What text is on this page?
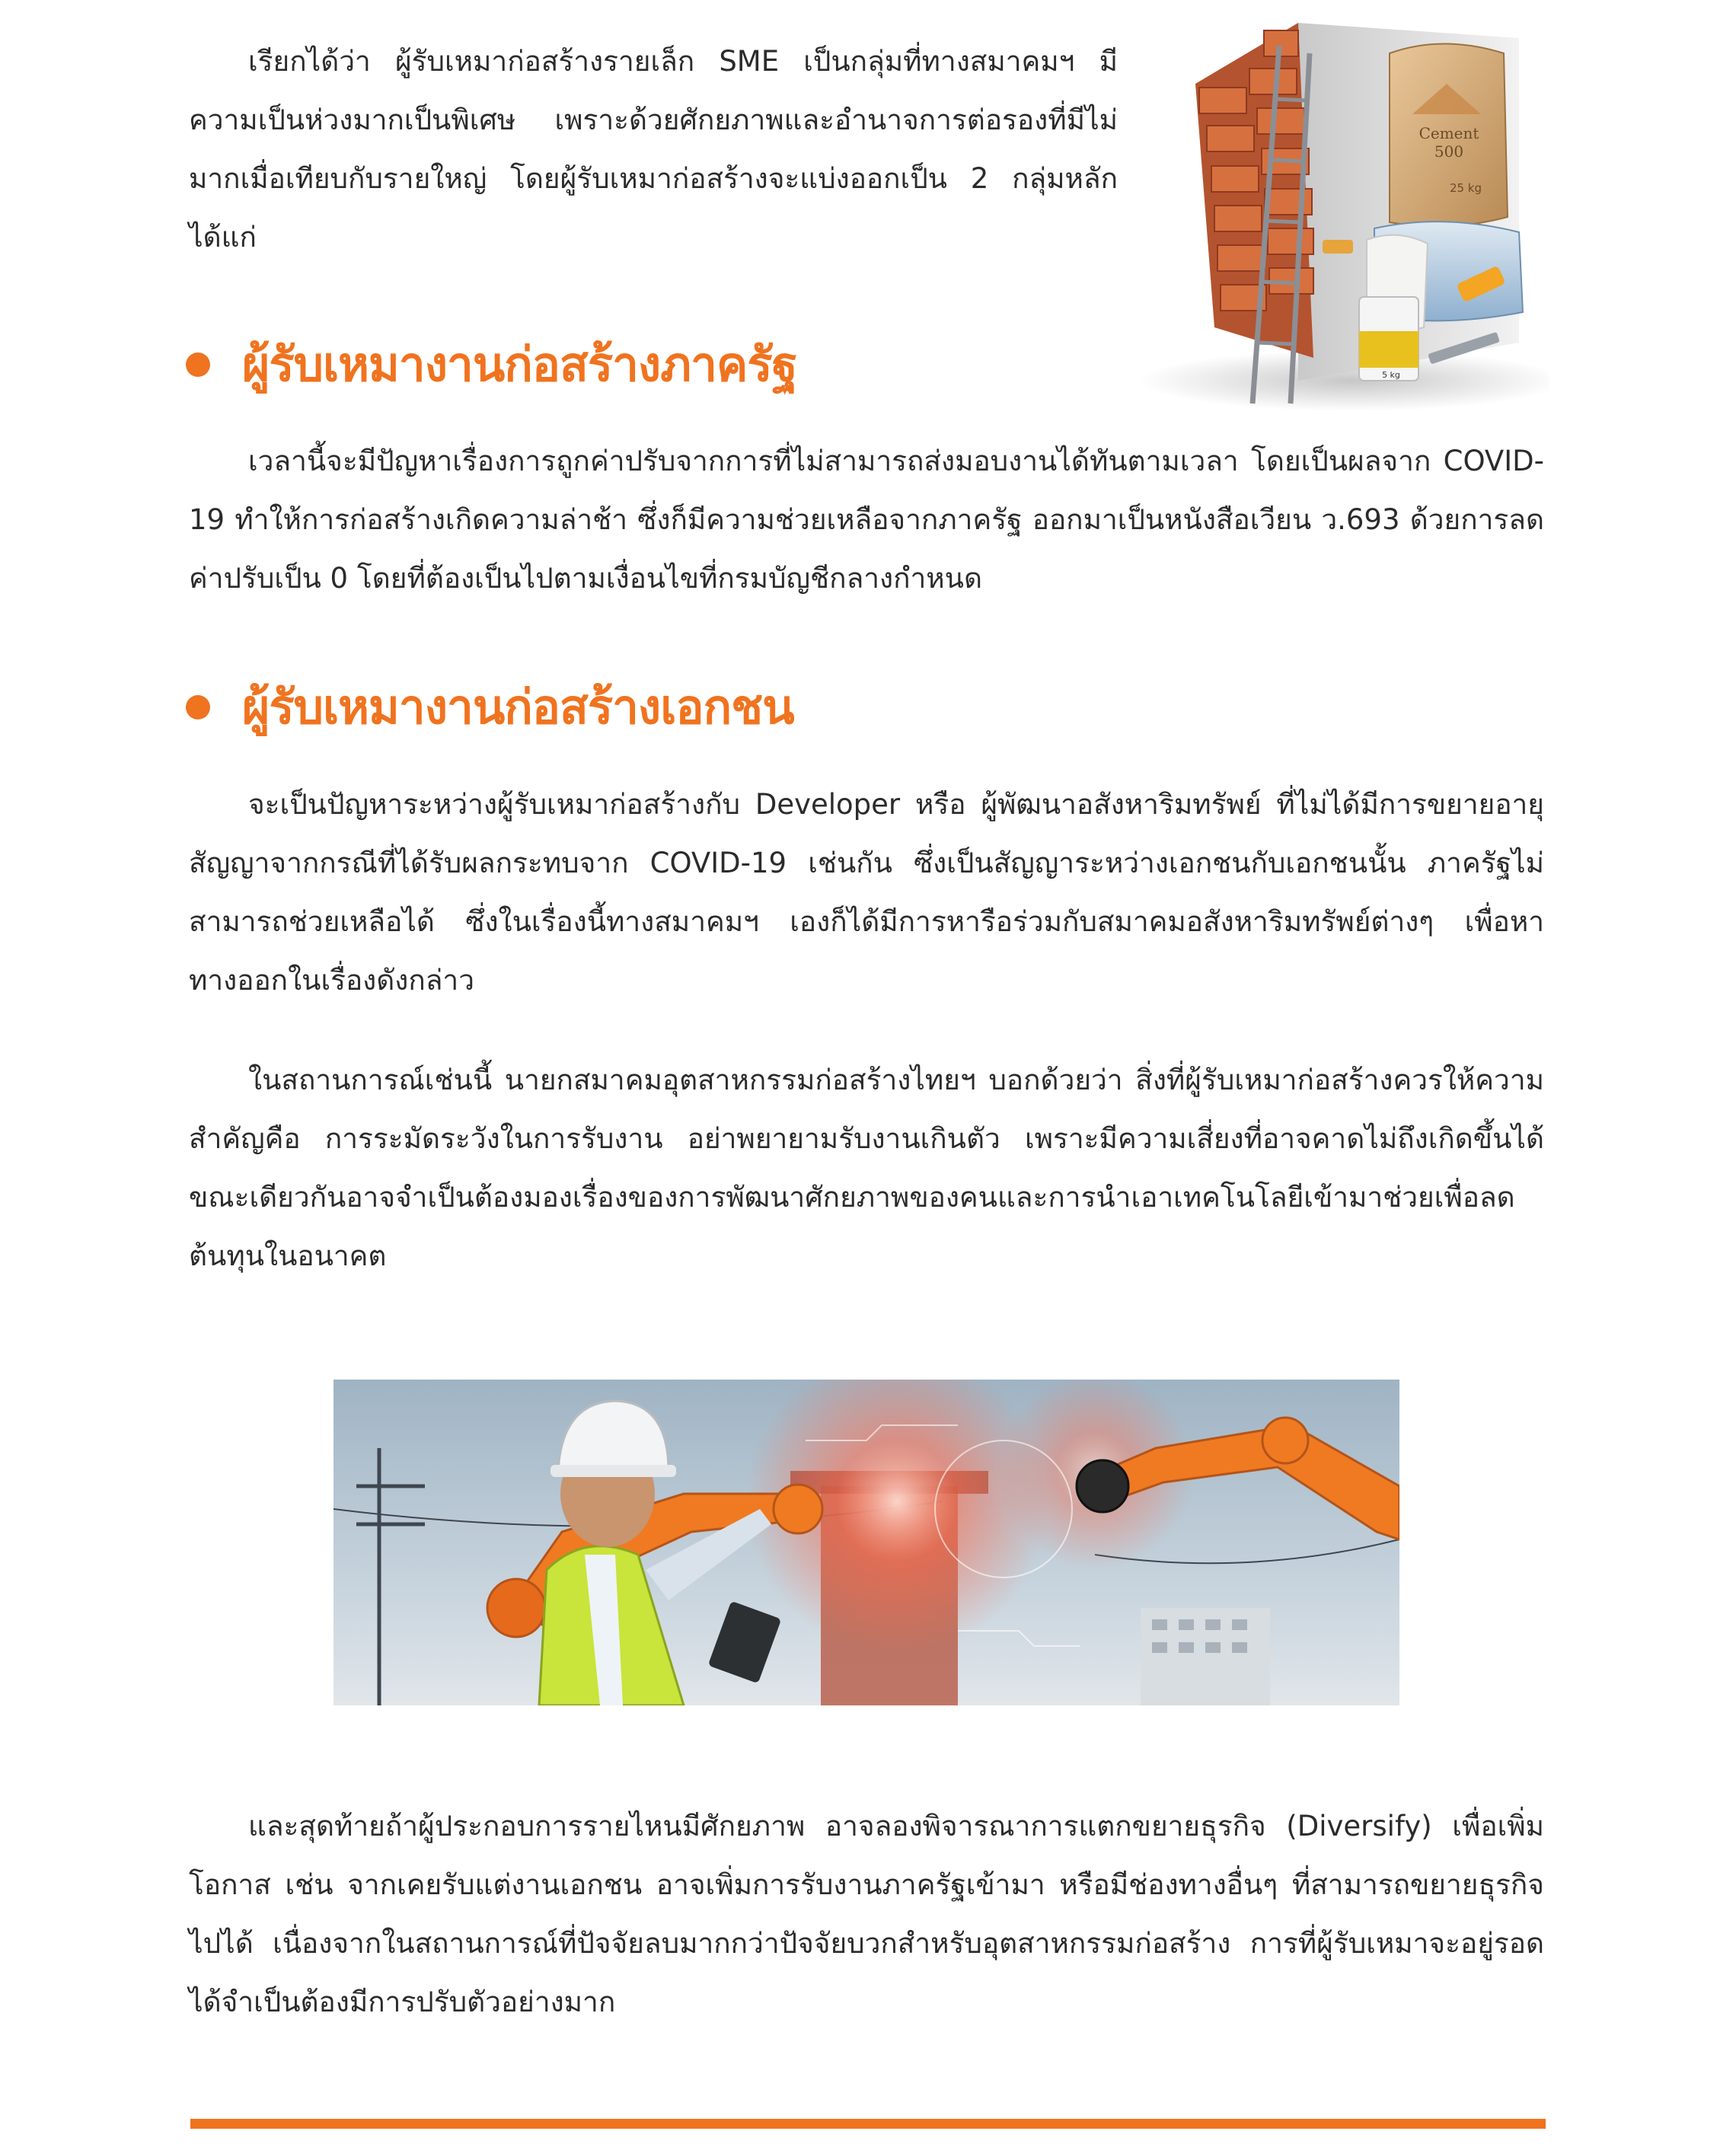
เรียกได้ว่า ผู้รับเหมาก่อสร้างรายเล็ก SME เป็นกลุ่มที่ทางสมาคมฯ มีความเป็นห่วงมากเป็นพิเศษ เพราะด้วยศักยภาพและอำนาจการต่อรองที่มีไม่มากเมื่อเทียบกับรายใหญ่ โดยผู้รับเหมาก่อสร้างจะแบ่งออกเป็น 2 กลุ่มหลัก ได้แก่

Cement
500
25 kg
5 kg
ผู้รับเหมางานก่อสร้างภาครัฐ

เวลานี้จะมีปัญหาเรื่องการถูกค่าปรับจากการที่ไม่สามารถส่งมอบงานได้ทันตามเวลา โดยเป็นผลจาก COVID-19 ทำให้การก่อสร้างเกิดความล่าช้า ซึ่งก็มีความช่วยเหลือจากภาครัฐ ออกมาเป็นหนังสือเวียน ว.693 ด้วยการลดค่าปรับเป็น 0 โดยที่ต้องเป็นไปตามเงื่อนไขที่กรมบัญชีกลางกำหนด

ผู้รับเหมางานก่อสร้างเอกชน

จะเป็นปัญหาระหว่างผู้รับเหมาก่อสร้างกับ Developer หรือ ผู้พัฒนาอสังหาริมทรัพย์ ที่ไม่ได้มีการขยายอายุสัญญาจากกรณีที่ได้รับผลกระทบจาก COVID-19 เช่นกัน ซึ่งเป็นสัญญาระหว่างเอกชนกับเอกชนนั้น ภาครัฐไม่สามารถช่วยเหลือได้ ซึ่งในเรื่องนี้ทางสมาคมฯ เองก็ได้มีการหารือร่วมกับสมาคมอสังหาริมทรัพย์ต่างๆ เพื่อหาทางออกในเรื่องดังกล่าว

ในสถานการณ์เช่นนี้ นายกสมาคมอุตสาหกรรมก่อสร้างไทยฯ บอกด้วยว่า สิ่งที่ผู้รับเหมาก่อสร้างควรให้ความสำคัญคือ การระมัดระวังในการรับงาน อย่าพยายามรับงานเกินตัว เพราะมีความเสี่ยงที่อาจคาดไม่ถึงเกิดขึ้นได้ ขณะเดียวกันอาจจำเป็นต้องมองเรื่องของการพัฒนาศักยภาพของคนและการนำเอาเทคโนโลยีเข้ามาช่วยเพื่อลดต้นทุนในอนาคต

และสุดท้ายถ้าผู้ประกอบการรายไหนมีศักยภาพ อาจลองพิจารณาการแตกขยายธุรกิจ (Diversify) เพื่อเพิ่มโอกาส เช่น จากเคยรับแต่งานเอกชน อาจเพิ่มการรับงานภาครัฐเข้ามา หรือมีช่องทางอื่นๆ ที่สามารถขยายธุรกิจไปได้ เนื่องจากในสถานการณ์ที่ปัจจัยลบมากกว่าปัจจัยบวกสำหรับอุตสาหกรรมก่อสร้าง การที่ผู้รับเหมาจะอยู่รอดได้จำเป็นต้องมีการปรับตัวอย่างมาก
